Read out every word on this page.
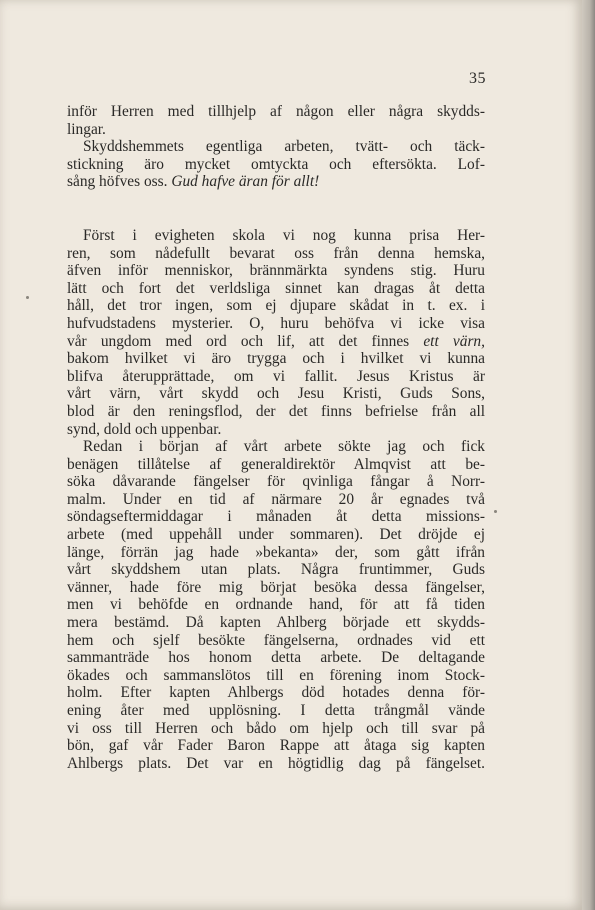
35
inför Herren med tillhjelp af någon eller några skydds-
lingar.
Skyddshemmets egentliga arbeten, tvätt- och täck-
stickning äro mycket omtyckta och eftersökta. Lof-
sång höfves oss. Gud hafve äran för allt!
Först i evigheten skola vi nog kunna prisa Her-
ren, som nådefullt bevarat oss från denna hemska,
äfven inför menniskor, brännmärkta syndens stig. Huru
lätt och fort det verldsliga sinnet kan dragas åt detta
håll, det tror ingen, som ej djupare skådat in t. ex. i
hufvudstadens mysterier. O, huru behöfva vi icke visa
vår ungdom med ord och lif, att det finnes ett värn,
bakom hvilket vi äro trygga och i hvilket vi kunna
blifva återupprättade, om vi fallit. Jesus Kristus är
vårt värn, vårt skydd och Jesu Kristi, Guds Sons,
blod är den reningsflod, der det finns befrielse från all
synd, dold och uppenbar.
Redan i början af vårt arbete sökte jag och fick
benägen tillåtelse af generaldirektör Almqvist att be-
söka dåvarande fängelser för qvinliga fångar å Norr-
malm. Under en tid af närmare 20 år egnades två
söndagseftermiddagar i månaden åt detta missions-
arbete (med uppehåll under sommaren). Det dröjde ej
länge, förrän jag hade »bekanta» der, som gått ifrån
vårt skyddshem utan plats. Några fruntimmer, Guds
vänner, hade före mig börjat besöka dessa fängelser,
men vi behöfde en ordnande hand, för att få tiden
mera bestämd. Då kapten Ahlberg började ett skydds-
hem och sjelf besökte fängelserna, ordnades vid ett
sammanträde hos honom detta arbete. De deltagande
ökades och sammanslötos till en förening inom Stock-
holm. Efter kapten Ahlbergs död hotades denna för-
ening åter med upplösning. I detta trångmål vände
vi oss till Herren och bådo om hjelp och till svar på
bön, gaf vår Fader Baron Rappe att åtaga sig kapten
Ahlbergs plats. Det var en högtidlig dag på fängelset.
